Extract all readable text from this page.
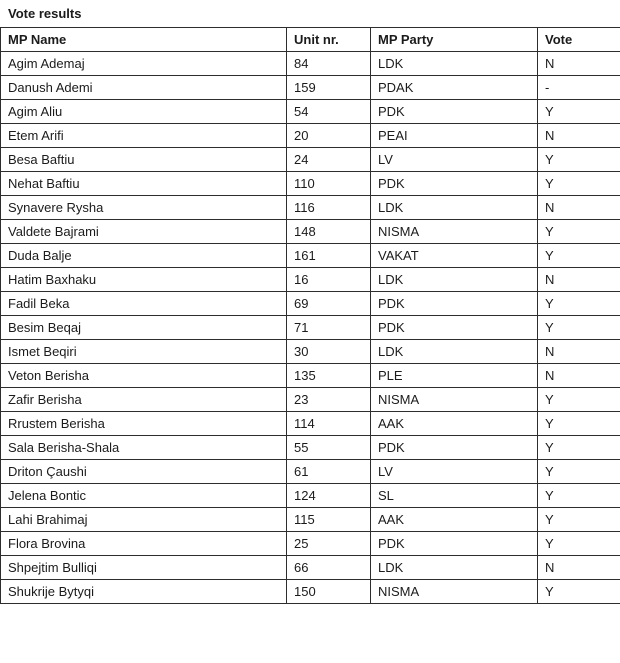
Vote results
MP Name	Unit nr.	MP Party	Vote
Agim Ademaj	84	LDK	N
Danush Ademi	159	PDAK	-
Agim Aliu	54	PDK	Y
Etem Arifi	20	PEAI	N
Besa Baftiu	24	LV	Y
Nehat Baftiu	110	PDK	Y
Synavere Rysha	116	LDK	N
Valdete Bajrami	148	NISMA	Y
Duda Balje	161	VAKAT	Y
Hatim Baxhaku	16	LDK	N
Fadil Beka	69	PDK	Y
Besim Beqaj	71	PDK	Y
Ismet Beqiri	30	LDK	N
Veton Berisha	135	PLE	N
Zafir Berisha	23	NISMA	Y
Rrustem Berisha	114	AAK	Y
Sala Berisha-Shala	55	PDK	Y
Driton Çaushi	61	LV	Y
Jelena Bontic	124	SL	Y
Lahi Brahimaj	115	AAK	Y
Flora Brovina	25	PDK	Y
Shpejtim Bulliqi	66	LDK	N
Shukrije Bytyqi	150	NISMA	Y
